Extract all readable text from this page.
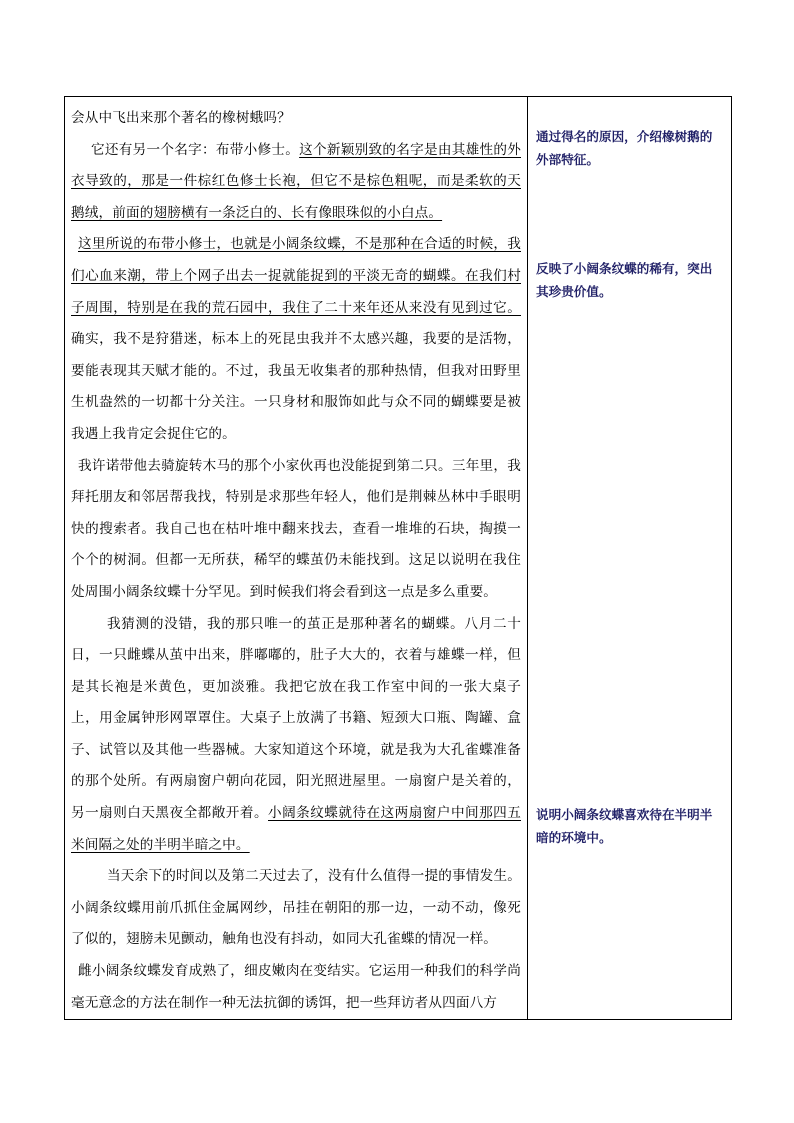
会从中飞出来那个著名的橡树蛾吗？

它还有另一个名字：布带小修士。这个新颖别致的名字是由其雄性的外衣导致的，那是一件棕红色修士长袍，但它不是棕色粗呢，而是柔软的天鹅绒，前面的翅膀横有一条泛白的、长有像眼珠似的小白点。

这里所说的布带小修士，也就是小阔条纹蝶，不是那种在合适的时候，我们心血来潮，带上个网子出去一捉就能捉到的平淡无奇的蝴蝶。在我们村子周围，特别是在我的荒石园中，我住了二十来年还从来没有见到过它。确实，我不是狩猎迷，标本上的死昆虫我并不太感兴趣，我要的是活物，要能表现其天赋才能的。不过，我虽无收集者的那种热情，但我对田野里生机盎然的一切都十分关注。一只身材和服饰如此与众不同的蝴蝶要是被我遇上我肯定会捉住它的。

我许诺带他去骑旋转木马的那个小家伙再也没能捉到第二只。三年里，我拜托朋友和邻居帮我找，特别是求那些年轻人，他们是荆棘丛林中手眼明快的搜索者。我自己也在枯叶堆中翻来找去，查看一堆堆的石块，掏摸一个个的树洞。但都一无所获，稀罕的蝶茧仍未能找到。这足以说明在我住处周围小阔条纹蝶十分罕见。到时候我们将会看到这一点是多么重要。

我猜测的没错，我的那只唯一的茧正是那种著名的蝴蝶。八月二十日，一只雌蝶从茧中出来，胖嘟嘟的，肚子大大的，衣着与雄蝶一样，但是其长袍是米黄色，更加淡雅。我把它放在我工作室中间的一张大桌子上，用金属钟形网罩罩住。大桌子上放满了书籍、短颈大口瓶、陶罐、盒子、试管以及其他一些器械。大家知道这个环境，就是我为大孔雀蝶准备的那个处所。有两扇窗户朝向花园，阳光照进屋里。一扇窗户是关着的，另一扇则白天黑夜全都敞开着。小阔条纹蝶就待在这两扇窗户中间那四五米间隔之处的半明半暗之中。

当天余下的时间以及第二天过去了，没有什么值得一提的事情发生。小阔条纹蝶用前爪抓住金属网纱，吊挂在朝阳的那一边，一动不动，像死了似的，翅膀未见颤动，触角也没有抖动，如同大孔雀蝶的情况一样。

雌小阔条纹蝶发育成熟了，细皮嫩肉在变结实。它运用一种我们的科学尚毫无意念的方法在制作一种无法抗御的诱饵，把一些拜访者从四面八方

通过得名的原因，介绍橡树鹅的外部特征。

反映了小阔条纹蝶的稀有，突出其珍贵价值。

说明小阔条纹蝶喜欢待在半明半暗的环境中。
